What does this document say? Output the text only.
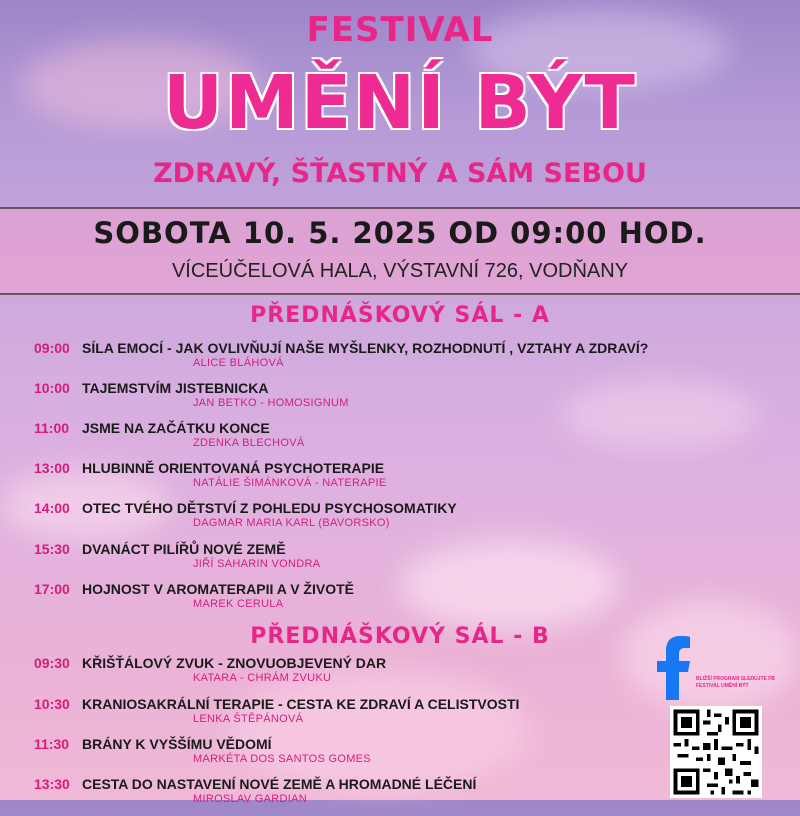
FESTIVAL
UMĚNÍ BÝT
ZDRAVÝ, ŠŤASTNÝ A SÁM SEBOU
SOBOTA 10. 5. 2025 OD 09:00 HOD.
VÍCEÚČELOVÁ HALA, VÝSTAVNÍ 726, VODŇANY
PŘEDNÁŠKOVÝ SÁL - A
09:00 SÍLA EMOCÍ - JAK OVLIVŇUJÍ NAŠE MYŠLENKY, ROZHODNUTÍ , VZTAHY A ZDRAVÍ?
ALICE BLÁHOVÁ
10:00 TAJEMSTVÍM JISTEBNICKA
JAN BETKO - HOMOSIGNUM
11:00 JSME NA ZAČÁTKU KONCE
ZDENKA BLECHOVÁ
13:00 HLUBINNĚ ORIENTOVANÁ PSYCHOTERAPIE
NATÁLIE ŠIMÁNKOVÁ - NATERAPIE
14:00 OTEC TVÉHO DĚTSTVÍ Z POHLEDU PSYCHOSOMATIKY
DAGMAR MARIA KARL (BAVORSKO)
15:30 DVANÁCT PILÍŘŮ NOVÉ ZEMĚ
JIŘÍ SAHARIN VONDRA
17:00 HOJNOST V AROMATERAPII A V ŽIVOTĚ
MAREK CERULA
PŘEDNÁŠKOVÝ SÁL - B
09:30 KŘIŠŤÁLOVÝ ZVUK - ZNOVUOBJEVENÝ DAR
KATARA - CHRÁM ZVUKU
10:30 KRANIOSAKRÁLNÍ TERAPIE - CESTA KE ZDRAVÍ A CELISTVOSTI
LENKA ŠTĚPÁNOVÁ
11:30 BRÁNY K VYŠŠÍMU VĚDOMÍ
MARKÉTA DOS SANTOS GOMES
13:30 CESTA DO NASTAVENÍ NOVÉ ZEMĚ A HROMADNÉ LÉČENÍ
MIROSLAV GARDIAN
BLIŽŠÍ PROGRAM SLEDUJTE FB FESTIVAL UMĚNÍ BÝT
